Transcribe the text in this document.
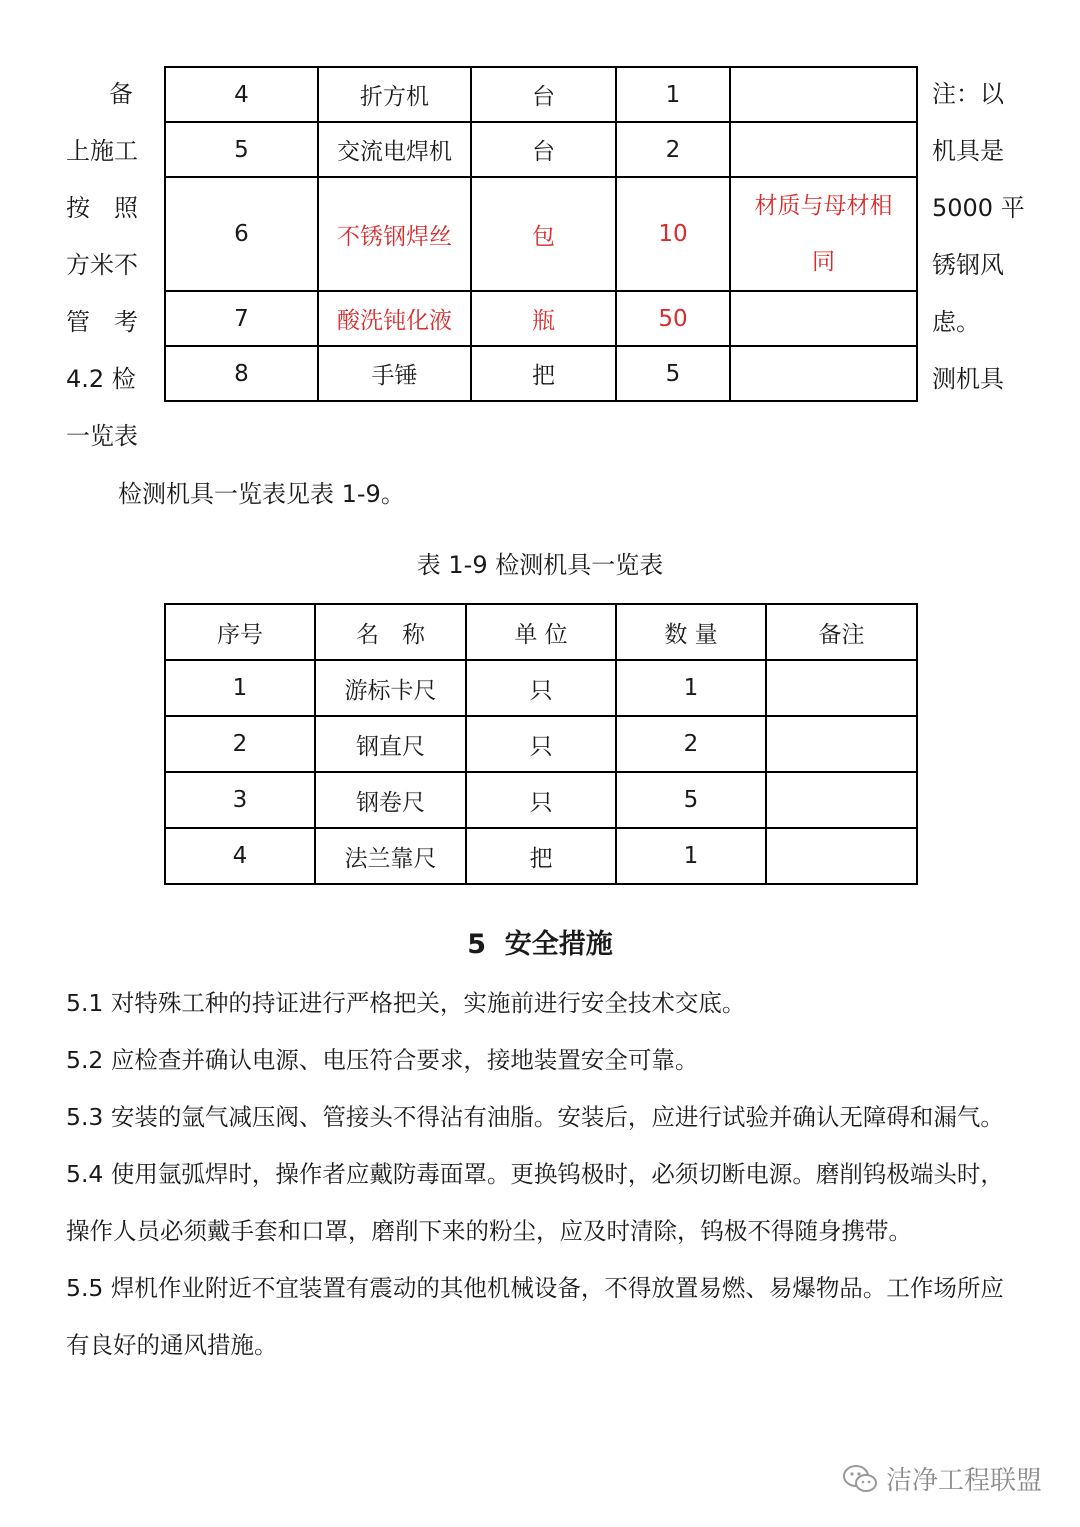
备
上施工
按　照
方米不
管　考
4.2 检
一览表
注：以
机具是
5000 平
锈钢风
虑。
测机具
4	折方机	台	1	
5	交流电焊机	台	2	
6	不锈钢焊丝	包	10	材质与母材相同
7	酸洗钝化液	瓶	50	
8	手锤	把	5	
检测机具一览表见表 1-9。
表 1-9 检测机具一览表
序号	名　称	单 位	数 量	备注
1	游标卡尺	只	1	
2	钢直尺	只	2	
3	钢卷尺	只	5	
4	法兰靠尺	把	1	
5  安全措施

5.1 对特殊工种的持证进行严格把关，实施前进行安全技术交底。

5.2 应检查并确认电源、电压符合要求，接地装置安全可靠。

5.3 安装的氩气减压阀、管接头不得沾有油脂。安装后，应进行试验并确认无障碍和漏气。

5.4 使用氩弧焊时，操作者应戴防毒面罩。更换钨极时，必须切断电源。磨削钨极端头时，操作人员必须戴手套和口罩，磨削下来的粉尘，应及时清除，钨极不得随身携带。

5.5 焊机作业附近不宜装置有震动的其他机械设备，不得放置易燃、易爆物品。工作场所应有良好的通风措施。

洁净工程联盟
